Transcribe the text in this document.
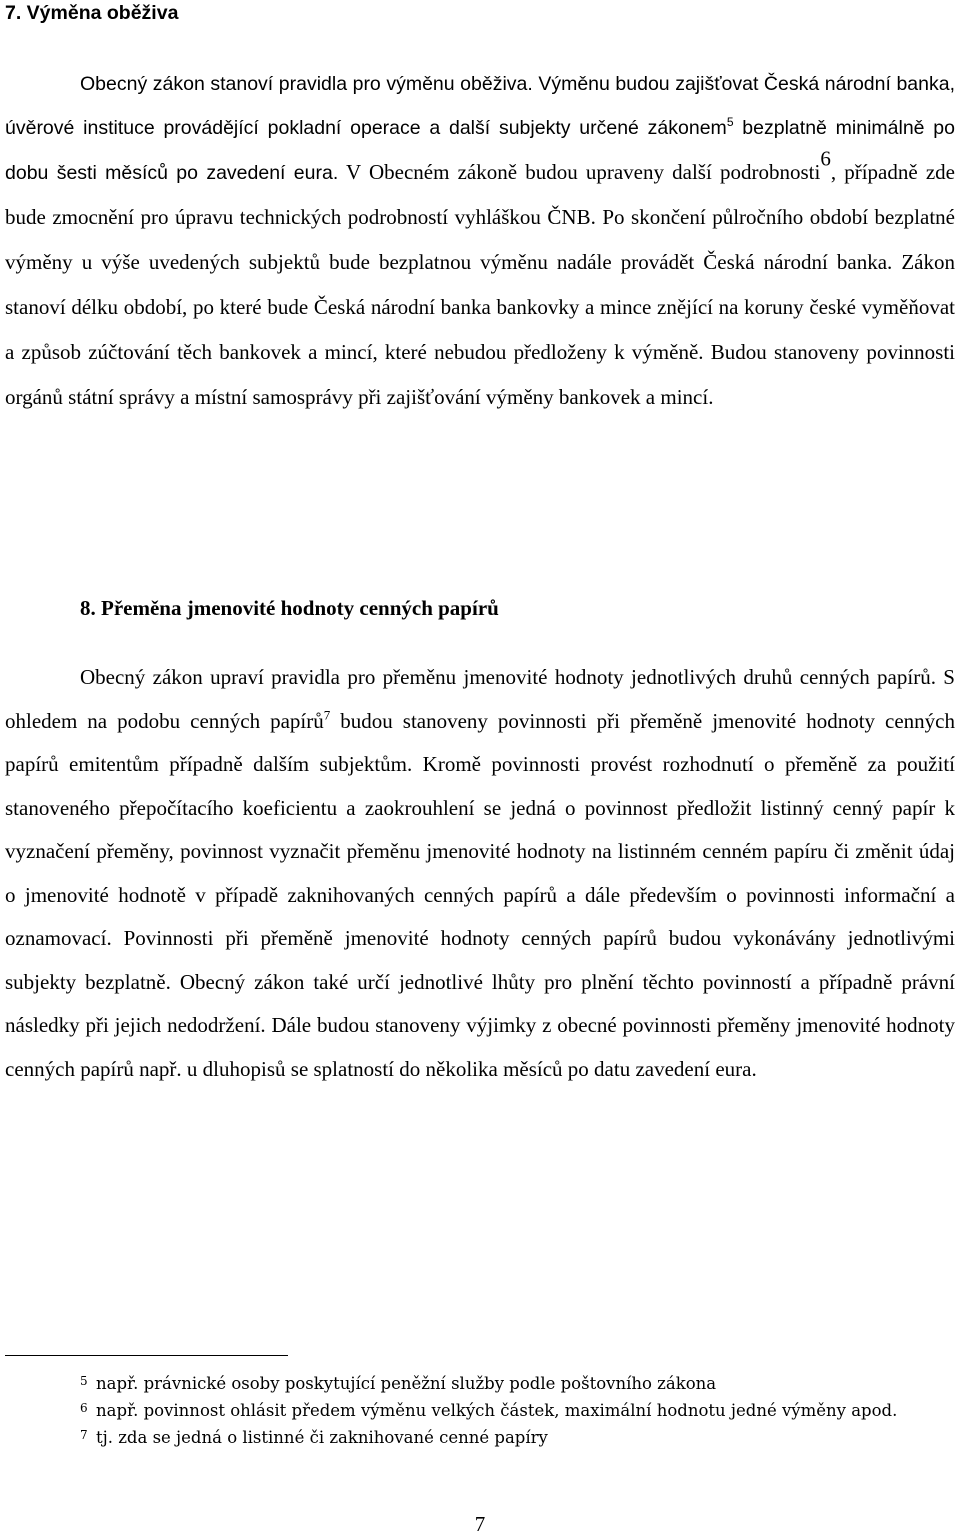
7. Výměna oběživa

Obecný zákon stanoví pravidla pro výměnu oběživa. Výměnu budou zajišťovat Česká národní banka, úvěrové instituce provádějící pokladní operace a další subjekty určené zákonem$^5$ bezplatně minimálně po dobu šesti měsíců po zavedení eura. V Obecném zákoně budou upraveny další podrobnosti$^6$, případně zde bude zmocnění pro úpravu technických podrobností vyhláškou ČNB. Po skončení půlročního období bezplatné výměny u výše uvedených subjektů bude bezplatnou výměnu nadále provádět Česká národní banka. Zákon stanoví délku období, po které bude Česká národní banka bankovky a mince znějící na koruny české vyměňovat a způsob zúčtování těch bankovek a mincí, které nebudou předloženy k výměně. Budou stanoveny povinnosti orgánů státní správy a místní samosprávy při zajišťování výměny bankovek a mincí.

8. Přeměna jmenovité hodnoty cenných papírů

Obecný zákon upraví pravidla pro přeměnu jmenovité hodnoty jednotlivých druhů cenných papírů. S ohledem na podobu cenných papírů$^7$ budou stanoveny povinnosti při přeměně jmenovité hodnoty cenných papírů emitentům případně dalším subjektům. Kromě povinnosti provést rozhodnutí o přeměně za použití stanoveného přepočítacího koeficientu a zaokrouhlení se jedná o povinnost předložit listinný cenný papír k vyznačení přeměny, povinnost vyznačit přeměnu jmenovité hodnoty na listinném cenném papíru či změnit údaj o jmenovité hodnotě v případě zaknihovaných cenných papírů a dále především o povinnosti informační a oznamovací. Povinnosti při přeměně jmenovité hodnoty cenných papírů budou vykonávány jednotlivými subjekty bezplatně. Obecný zákon také určí jednotlivé lhůty pro plnění těchto povinností a případně právní následky při jejich nedodržení. Dále budou stanoveny výjimky z obecné povinnosti přeměny jmenovité hodnoty cenných papírů např. u dluhopisů se splatností do několika měsíců po datu zavedení eura.

5 např. právnické osoby poskytující peněžní služby podle poštovního zákona

6 např. povinnost ohlásit předem výměnu velkých částek, maximální hodnotu jedné výměny apod.

7 tj. zda se jedná o listinné či zaknihované cenné papíry

7
